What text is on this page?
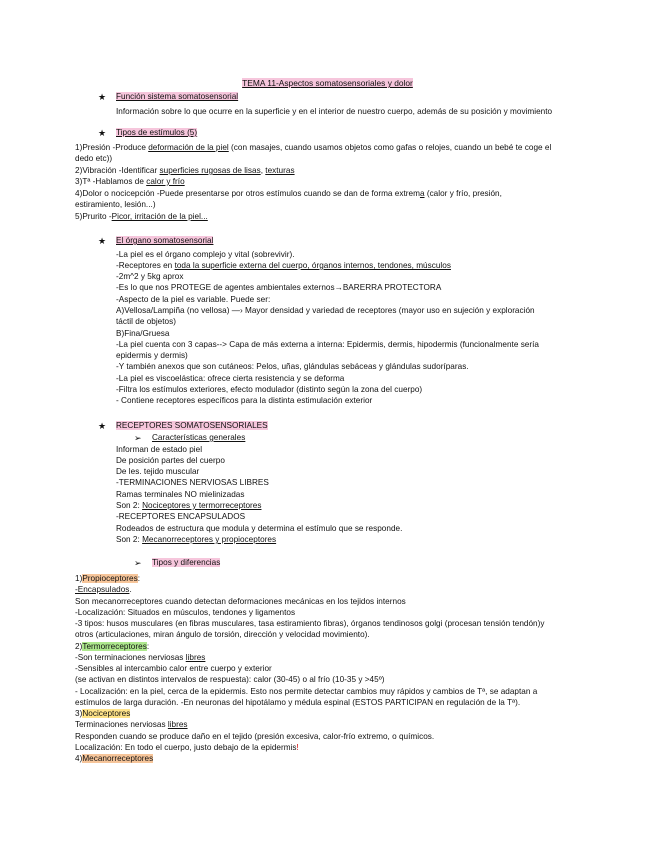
TEMA 11-Aspectos somatosensoriales y dolor
★ Función sistema somatosensorial
Información sobre lo que ocurre en la superficie y en el interior de nuestro cuerpo, además de su posición y movimiento
★ Tipos de estímulos (5)
1)Presión -Produce deformación de la piel (con masajes, cuando usamos objetos como gafas o relojes, cuando un bebé te coge el
dedo etc))
2)Vibración -Identificar superficies rugosas de lisas, texturas
3)Tª -Hablamos de calor y frío
4)Dolor o nocicepción -Puede presentarse por otros estímulos cuando se dan de forma extrema (calor y frío, presión,
estiramiento, lesión...)
5)Prurito -Picor, irritación de la piel...
★ El órgano somatosensorial
-La piel es el órgano complejo y vital (sobrevivir).
-Receptores en toda la superficie externa del cuerpo, órganos internos, tendones, músculos
-2m^2 y 5kg aprox
-Es lo que nos PROTEGE de agentes ambientales externos→BARERRA PROTECTORA
-Aspecto de la piel es variable. Puede ser:
A)Vellosa/Lampiña (no vellosa) —› Mayor densidad y variedad de receptores (mayor uso en sujeción y exploración
táctil de objetos)
B)Fina/Gruesa
-La piel cuenta con 3 capas--> Capa de más externa a interna: Epidermis, dermis, hipodermis (funcionalmente sería
epidermis y dermis)
-Y también anexos que son cutáneos: Pelos, uñas, glándulas sebáceas y glándulas sudoríparas.
-La piel es viscoelástica: ofrece cierta resistencia y se deforma
-Filtra los estímulos exteriores, efecto modulador (distinto según la zona del cuerpo)
- Contiene receptores específicos para la distinta estimulación exterior
★ RECEPTORES SOMATOSENSORIALES
➢ Características generales
Informan de estado piel
De posición partes del cuerpo
De les. tejido muscular
-TERMINACIONES NERVIOSAS LIBRES
Ramas terminales NO mielinizadas
Son 2: Nociceptores y termorreceptores
-RECEPTORES ENCAPSULADOS
Rodeados de estructura que modula y determina el estímulo que se responde.
Son 2: Mecanorreceptores y propioceptores
➢ Tipos y diferencias
1)Propioceptores:
-Encapsulados.
Son mecanorreceptores cuando detectan deformaciones mecánicas en los tejidos internos
-Localización: Situados en músculos, tendones y ligamentos
-3 tipos: husos musculares (en fibras musculares, tasa estiramiento fibras), órganos tendinosos golgi (procesan tensión tendón)y
otros (articulaciones, miran ángulo de torsión, dirección y velocidad movimiento).
2)Termorreceptores:
-Son terminaciones nerviosas libres
-Sensibles al intercambio calor entre cuerpo y exterior
(se activan en distintos intervalos de respuesta): calor (30-45) o al frío (10-35 y >45º)
- Localización: en la piel, cerca de la epidermis. Esto nos permite detectar cambios muy rápidos y cambios de Tª, se adaptan a
estímulos de larga duración. -En neuronas del hipotálamo y médula espinal (ESTOS PARTICIPAN en regulación de la Tª).
3)Nociceptores
Terminaciones nerviosas libres
Responden cuando se produce daño en el tejido (presión excesiva, calor-frío extremo, o químicos.
Localización: En todo el cuerpo, justo debajo de la epidermis!
4)Mecanorreceptores
